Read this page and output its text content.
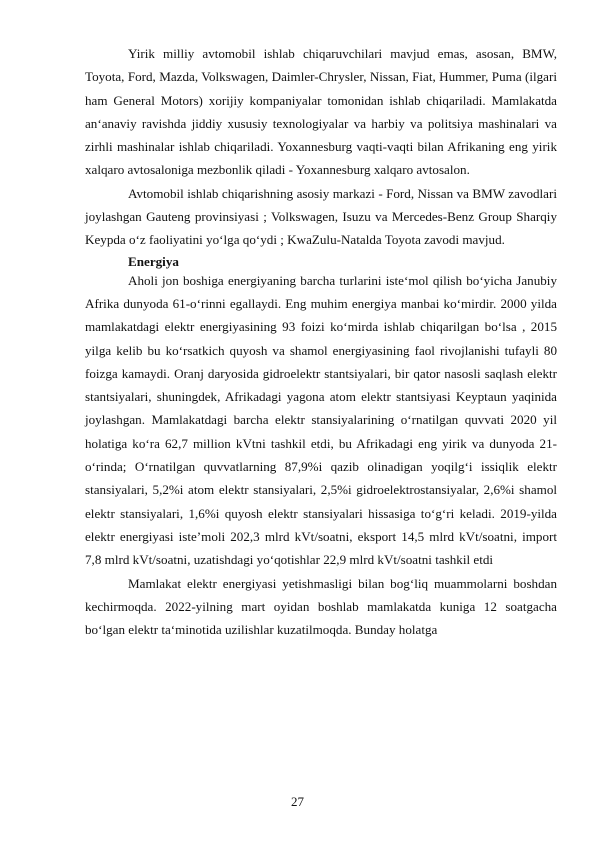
Yirik milliy avtomobil ishlab chiqaruvchilari mavjud emas, asosan, BMW, Toyota, Ford, Mazda, Volkswagen, Daimler-Chrysler, Nissan, Fiat, Hummer, Puma (ilgari ham General Motors) xorijiy kompaniyalar tomonidan ishlab chiqariladi. Mamlakatda an‘anaviy ravishda jiddiy xususiy texnologiyalar va harbiy va politsiya mashinalari va zirhli mashinalar ishlab chiqariladi. Yoxannesburg vaqti-vaqti bilan Afrikaning eng yirik xalqaro avtosaloniga mezbonlik qiladi - Yoxannesburg xalqaro avtosalon.

Avtomobil ishlab chiqarishning asosiy markazi - Ford, Nissan va BMW zavodlari joylashgan Gauteng provinsiyasi ; Volkswagen, Isuzu va Mercedes-Benz Group Sharqiy Keypda o‘z faoliyatini yo‘lga qo‘ydi ; KwaZulu-Natalda Toyota zavodi mavjud.

Energiya

Aholi jon boshiga energiyaning barcha turlarini iste‘mol qilish bo‘yicha Janubiy Afrika dunyoda 61-o‘rinni egallaydi. Eng muhim energiya manbai ko‘mirdir. 2000 yilda mamlakatdagi elektr energiyasining 93 foizi ko‘mirda ishlab chiqarilgan bo‘lsa , 2015 yilga kelib bu ko‘rsatkich quyosh va shamol energiyasining faol rivojlanishi tufayli 80 foizga kamaydi. Oranj daryosida gidroelektr stantsiyalari, bir qator nasosli saqlash elektr stantsiyalari, shuningdek, Afrikadagi yagona atom elektr stantsiyasi Keyptaun yaqinida joylashgan. Mamlakatdagi barcha elektr stansiyalarining o‘rnatilgan quvvati 2020 yil holatiga ko‘ra 62,7 million kVtni tashkil etdi, bu Afrikadagi eng yirik va dunyoda 21-o‘rinda; O‘rnatilgan quvvatlarning 87,9%i qazib olinadigan yoqilg‘i issiqlik elektr stansiyalari, 5,2%i atom elektr stansiyalari, 2,5%i gidroelektrostansiyalar, 2,6%i shamol elektr stansiyalari, 1,6%i quyosh elektr stansiyalari hissasiga to‘g‘ri keladi. 2019-yilda elektr energiyasi iste’moli 202,3 mlrd kVt/soatni, eksport 14,5 mlrd kVt/soatni, import 7,8 mlrd kVt/soatni, uzatishdagi yo‘qotishlar 22,9 mlrd kVt/soatni tashkil etdi

Mamlakat elektr energiyasi yetishmasligi bilan bog‘liq muammolarni boshdan kechirmoqda. 2022-yilning mart oyidan boshlab mamlakatda kuniga 12 soatgacha bo‘lgan elektr ta‘minotida uzilishlar kuzatilmoqda. Bunday holatga

27
